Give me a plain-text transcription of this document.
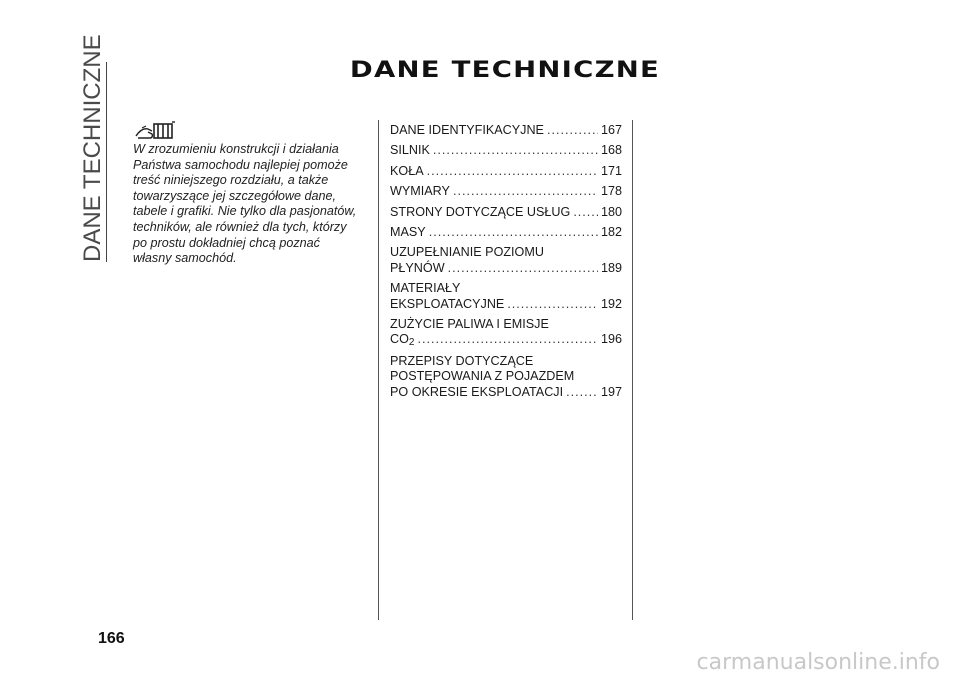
DANE TECHNICZNE	DANE TECHNICZNE

W zrozumieniu konstrukcji i działania Państwa samochodu najlepiej pomoże treść niniejszego rozdziału, a także towarzyszące jej szczegółowe dane, tabele i grafiki. Nie tylko dla pasjonatów, techników, ale również dla tych, którzy po prostu dokładniej chcą poznać własny samochód.

DANE IDENTYFIKACYJNE .....	167
SILNIK .....	168
KOŁA .....	171
WYMIARY .....	178
STRONY DOTYCZĄCE USŁUG ..... 180
MASY .....	182
UZUPEŁNIANIE POZIOMU
PŁYNÓW .....	189
MATERIAŁY
EKSPLOATACYJNE .....	192
ZUŻYCIE PALIWA I EMISJE
CO 2 .....	196
PRZEPISY DOTYCZĄCE
POSTĘPOWANIA Z POJAZDEM
PO OKRESIE EKSPLOATACJI .....	197
166
carmanualsonline.info
